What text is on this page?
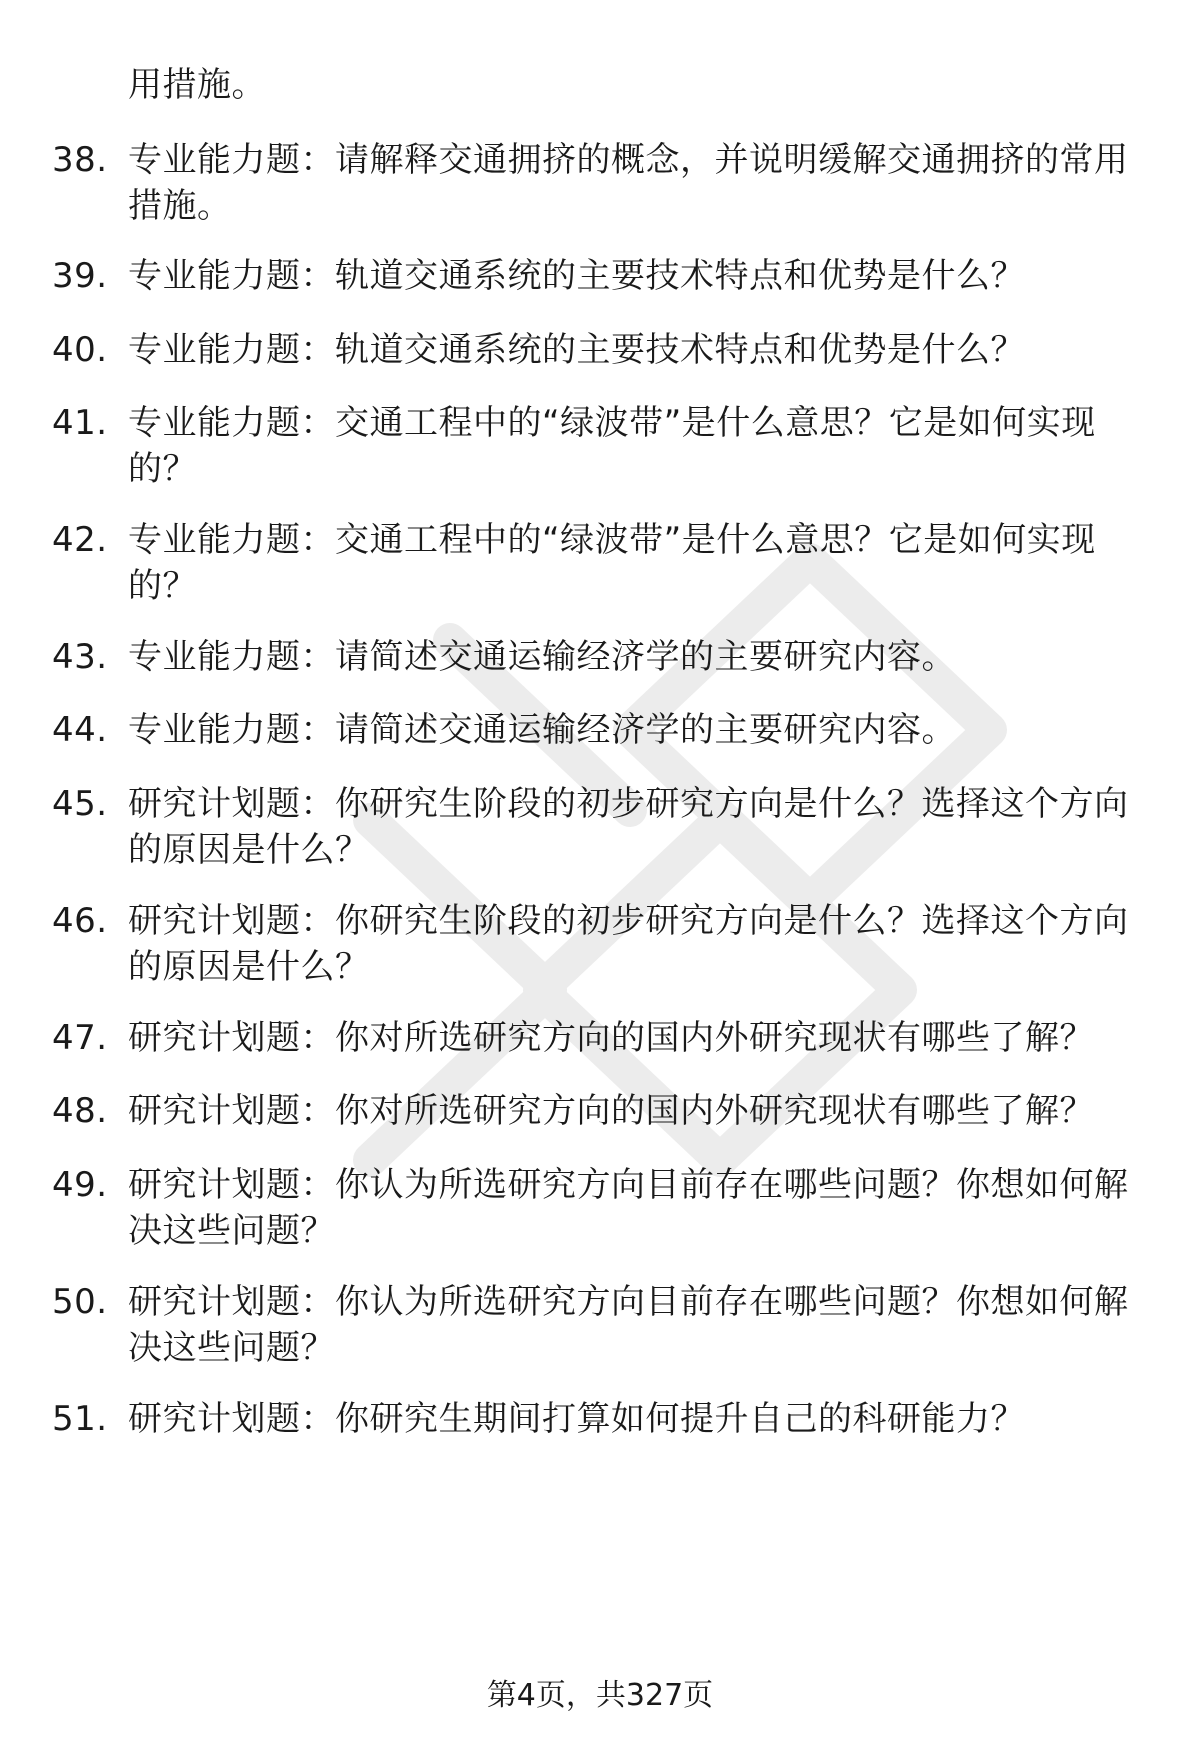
用措施。
38. 专业能力题：请解释交通拥挤的概念，并说明缓解交通拥挤的常用措施。
39. 专业能力题：轨道交通系统的主要技术特点和优势是什么？
40. 专业能力题：轨道交通系统的主要技术特点和优势是什么？
41. 专业能力题：交通工程中的“绿波带”是什么意思？它是如何实现的？
42. 专业能力题：交通工程中的“绿波带”是什么意思？它是如何实现的？
43. 专业能力题：请简述交通运输经济学的主要研究内容。
44. 专业能力题：请简述交通运输经济学的主要研究内容。
45. 研究计划题：你研究生阶段的初步研究方向是什么？选择这个方向的原因是什么？
46. 研究计划题：你研究生阶段的初步研究方向是什么？选择这个方向的原因是什么？
47. 研究计划题：你对所选研究方向的国内外研究现状有哪些了解？
48. 研究计划题：你对所选研究方向的国内外研究现状有哪些了解？
49. 研究计划题：你认为所选研究方向目前存在哪些问题？你想如何解决这些问题？
50. 研究计划题：你认为所选研究方向目前存在哪些问题？你想如何解决这些问题？
51. 研究计划题：你研究生期间打算如何提升自己的科研能力？
第4页，共327页
